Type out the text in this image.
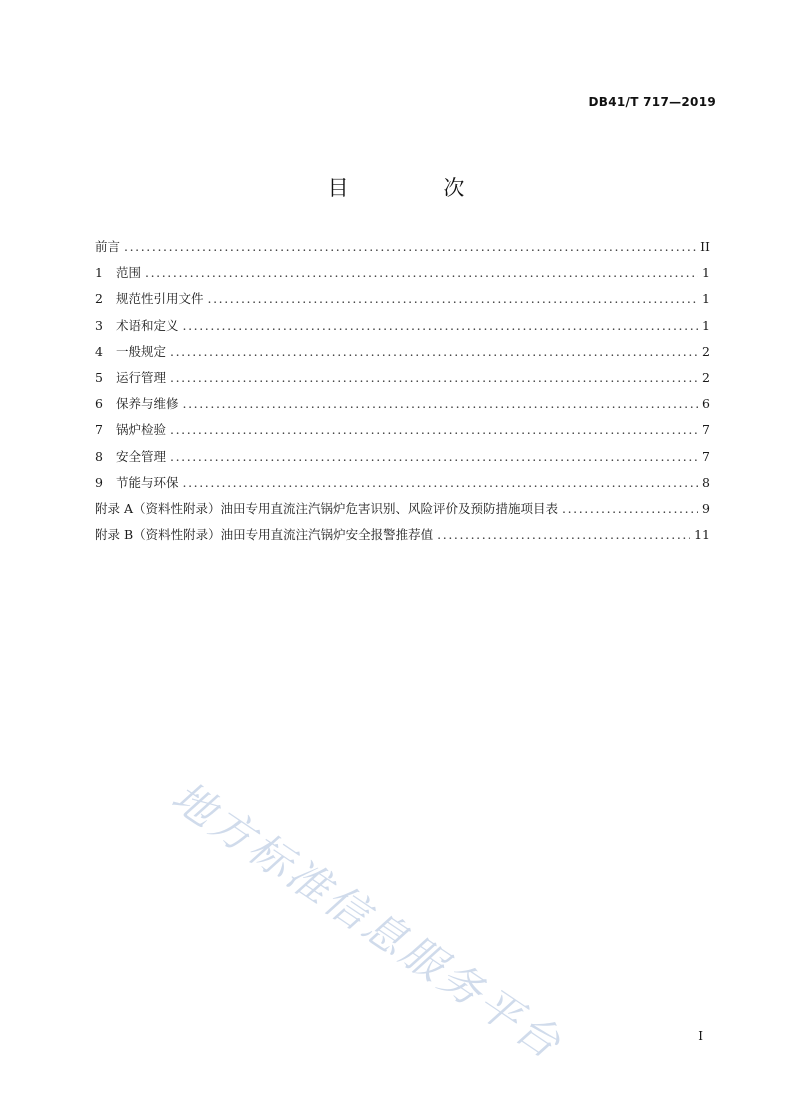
DB41/T 717—2019
目 次
前言 .....	II
1	范围 .....	1
2	规范性引用文件 .....	1
3	术语和定义 .....	1
4	一般规定 .....	2
5	运行管理 .....	2
6	保养与维修 .....	6
7	锅炉检验 .....	7
8	安全管理 .....	7
9	节能与环保 .....	8
附录 A（资料性附录）油田专用直流注汽锅炉危害识别、风险评价及预防措施项目表 .....	9
附录 B（资料性附录）油田专用直流注汽锅炉安全报警推荐值 .....	11
地方标准信息服务平台	I
